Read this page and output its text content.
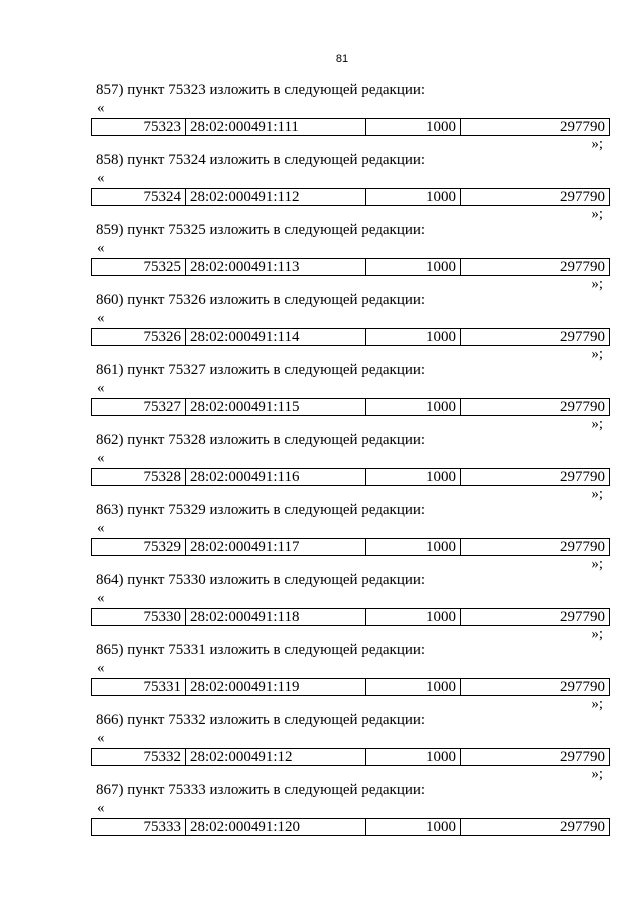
81
857) пункт 75323 изложить в следующей редакции:
«
75323	28:02:000491:111	1000	297790
»;
858) пункт 75324 изложить в следующей редакции:
«
75324	28:02:000491:112	1000	297790
»;
859) пункт 75325 изложить в следующей редакции:
«
75325	28:02:000491:113	1000	297790
»;
860) пункт 75326 изложить в следующей редакции:
«
75326	28:02:000491:114	1000	297790
»;
861) пункт 75327 изложить в следующей редакции:
«
75327	28:02:000491:115	1000	297790
»;
862) пункт 75328 изложить в следующей редакции:
«
75328	28:02:000491:116	1000	297790
»;
863) пункт 75329 изложить в следующей редакции:
«
75329	28:02:000491:117	1000	297790
»;
864) пункт 75330 изложить в следующей редакции:
«
75330	28:02:000491:118	1000	297790
»;
865) пункт 75331 изложить в следующей редакции:
«
75331	28:02:000491:119	1000	297790
»;
866) пункт 75332 изложить в следующей редакции:
«
75332	28:02:000491:12	1000	297790
»;
867) пункт 75333 изложить в следующей редакции:
«
75333	28:02:000491:120	1000	297790
